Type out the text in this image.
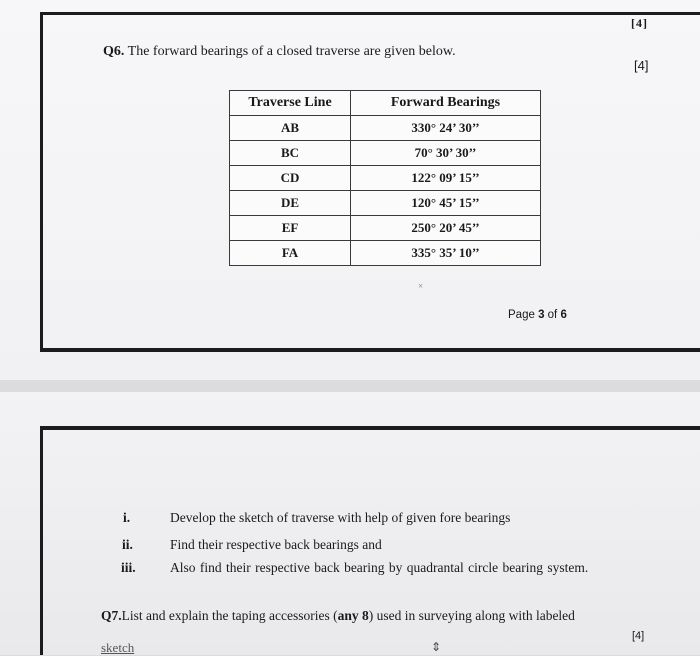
[4]
Q6. The forward bearings of a closed traverse are given below.
[4]
Traverse Line	Forward Bearings
AB	330° 24’ 30’’
BC	70° 30’ 30’’
CD	122° 09’ 15’’
DE	120° 45’ 15’’
EF	250° 20’ 45’’
FA	335° 35’ 10’’
×
Page 3 of 6
i.	Develop the sketch of traverse with help of given fore bearings
ii.	Find their respective back bearings and
iii.	Also find their respective back bearing by quadrantal circle bearing system.
Q7.List and explain the taping accessories (any 8) used in surveying along with labeled
[4]
sketch	⇕
